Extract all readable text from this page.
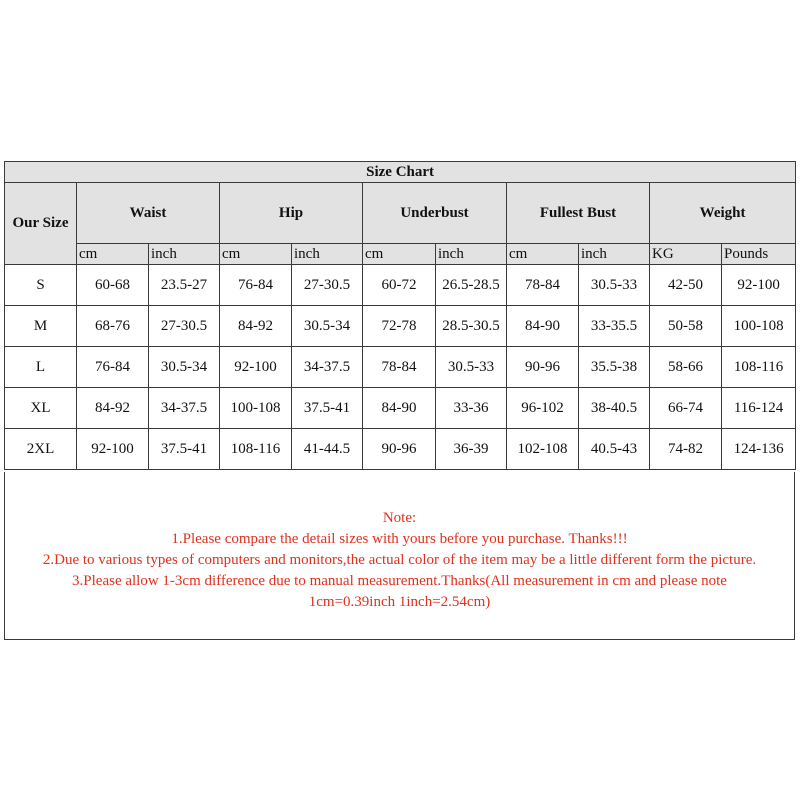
Size Chart										
Our Size	Waist		Hip		Underbust		Fullest Bust		Weight	
	cm	inch	cm	inch	cm	inch	cm	inch	KG	Pounds
S	60-68	23.5-27	76-84	27-30.5	60-72	26.5-28.5	78-84	30.5-33	42-50	92-100
M	68-76	27-30.5	84-92	30.5-34	72-78	28.5-30.5	84-90	33-35.5	50-58	100-108
L	76-84	30.5-34	92-100	34-37.5	78-84	30.5-33	90-96	35.5-38	58-66	108-116
XL	84-92	34-37.5	100-108	37.5-41	84-90	33-36	96-102	38-40.5	66-74	116-124
2XL	92-100	37.5-41	108-116	41-44.5	90-96	36-39	102-108	40.5-43	74-82	124-136
Note:
1.Please compare the detail sizes with yours before you purchase. Thanks!!!
2.Due to various types of computers and monitors,the actual color of the item may be a little different form the picture.
3.Please allow 1-3cm difference due to manual measurement.Thanks(All measurement in cm and please note
1cm=0.39inch 1inch=2.54cm)
